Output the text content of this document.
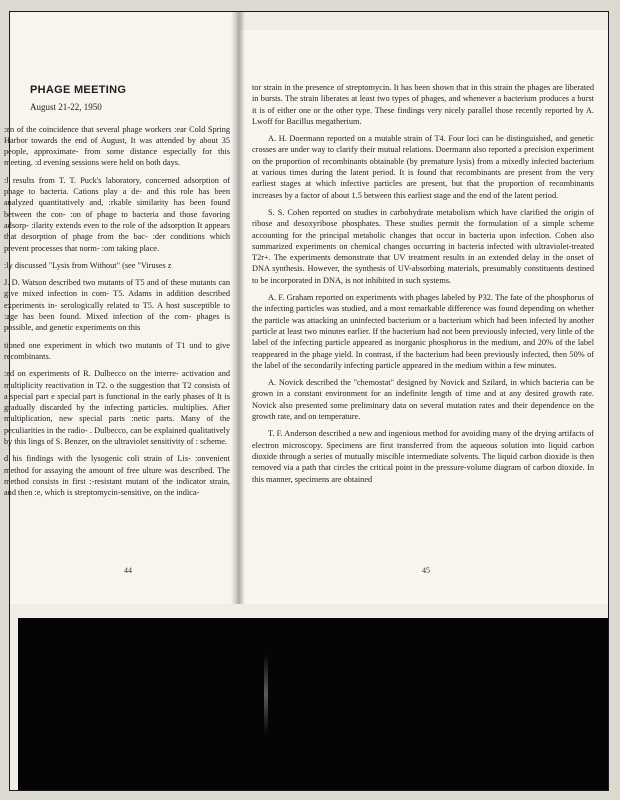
PHAGE MEETING
August 21-22, 1950

:en of the coincidence that several phage workers :ear Cold Spring Harbor towards the end of August, It was attended by about 35 people, approximate- from some distance especially for this meeting. :d evening sessions were held on both days.

:l results from T. T. Puck's laboratory, concerned adsorption of phage to bacteria. Cations play a de- and this role has been analyzed quantitatively and, :rkable similarity has been found between the con- :on of phage to bacteria and those favoring adsorp- :ilarity extends even to the role of the adsorption It appears that desorption of phage from the bac- :der conditions which prevent processes that norm- :om taking place.

:ly discussed "Lysis from Without" (see "Viruses z

J. D. Watson described two mutants of T5 and of these mutants can give mixed infection in com- T5. Adams in addition described experiments in- serologically related to T5. A host susceptible to :age has been found. Mixed infection of the com- phages is possible, and genetic experiments on this

tioned one experiment in which two mutants of T1 und to give recombinants.

:ed on experiments of R. Dulbecco on the interre- activation and multiplicity reactivation in T2. o the suggestion that T2 consists of a special part e special part is functional in the early phases of It is gradually discarded by the infecting particles. multiplies. After multiplication, new special parts :netic parts. Many of the peculiarities in the radio- . Dulbecco, can be explained qualitatively by this lings of S. Benzer, on the ultraviolet sensitivity of : scheme.

d his findings with the lysogenic coli strain of Lis- :onvenient method for assaying the amount of free ulture was described. The method consists in first :-resistant mutant of the indicator strain, and then :e, which is streptomycin-sensitive, on the indica-

44

tor strain in the presence of streptomycin. It has been shown that in this strain the phages are liberated in bursts. The strain liberates at least two types of phages, and whenever a bacterium produces a burst it is of either one or the other type. These findings very nicely parallel those recently reported by A. Lwoff for Bacillus megatherium.

A. H. Doermann reported on a mutable strain of T4. Four loci can be distinguished, and genetic crosses are under way to clarify their mutual relations. Doermann also reported a precision experiment on the proportion of recombinants obtainable (by premature lysis) from a mixedly infected bacterium at various times during the latent period. It is found that recombinants are present from the very earliest stages at which infective particles are present, but that the proportion of recombinants increases by a factor of about 1.5 between this earliest stage and the end of the latent period.

S. S. Cohen reported on studies in carbohydrate metabolism which have clarified the origin of ribose and desoxyribose phosphates. These studies permit the formulation of a simple scheme accounting for the principal metabolic changes that occur in bacteria upon infection. Cohen also summarized experiments on chemical changes occurring in bacteria infected with ultraviolet-treated T2r+. The experiments demonstrate that UV treatment results in an extended delay in the onset of DNA synthesis. However, the synthesis of UV-absorbing materials, presumably constituents destined to be incorporated in DNA, is not inhibited in such systems.

A. F. Graham reported on experiments with phages labeled by P32. The fate of the phosphorus of the infecting particles was studied, and a most remarkable difference was found depending on whether the particle was attacking an uninfected bacterium or a bacterium which had been infected by another particle at least two minutes earlier. If the bacterium had not been previously infected, very little of the label of the infecting particle appeared as inorganic phosphorus in the medium, and 20% of the label reappeared in the phage yield. In contrast, if the bacterium had been previously infected, then 50% of the label of the secondarily infecting particle appeared in the medium within a few minutes.

A. Novick described the "chemostat" designed by Novick and Szilard, in which bacteria can be grown in a constant environment for an indefinite length of time and at any desired growth rate. Novick also presented some preliminary data on several mutation rates and their dependence on the growth rate, and on temperature.

T. F. Anderson described a new and ingenious method for avoiding many of the drying artifacts of electron microscopy. Specimens are first transferred from the aqueous solution into liquid carbon dioxide through a series of mutually miscible intermediate solvents. The liquid carbon dioxide is then removed via a path that circles the critical point in the pressure-volume diagram of carbon dioxide. In this manner, specimens are obtained

45
